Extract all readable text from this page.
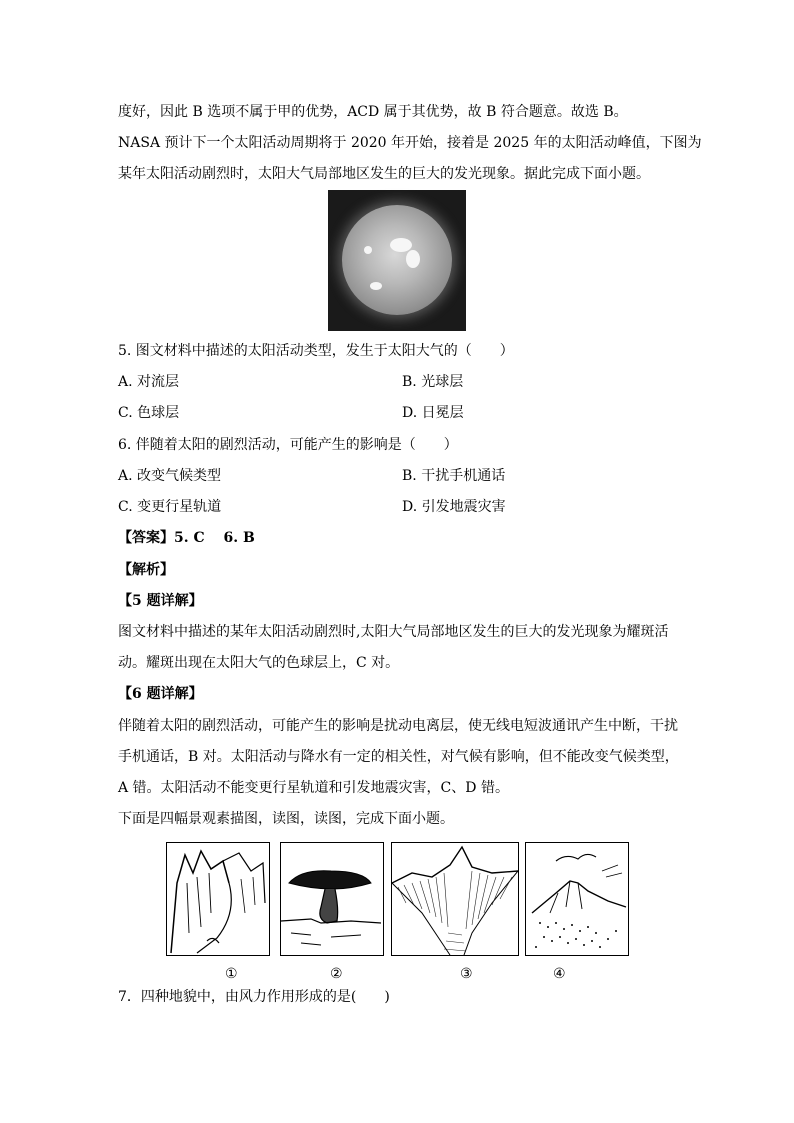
度好，因此 B 选项不属于甲的优势，ACD 属于其优势，故 B 符合题意。故选 B。
NASA 预计下一个太阳活动周期将于 2020 年开始，接着是 2025 年的太阳活动峰值，下图为
某年太阳活动剧烈时，太阳大气局部地区发生的巨大的发光现象。据此完成下面小题。
5. 图文材料中描述的太阳活动类型，发生于太阳大气的（　　）
A. 对流层	B. 光球层
C. 色球层	D. 日冕层
6. 伴随着太阳的剧烈活动，可能产生的影响是（　　）
A. 改变气候类型	B. 干扰手机通话
C. 变更行星轨道	D. 引发地震灾害
【答案】5. C　 6. B
【解析】
【5 题详解】
图文材料中描述的某年太阳活动剧烈时,太阳大气局部地区发生的巨大的发光现象为耀斑活
动。耀斑出现在太阳大气的色球层上，C 对。
【6 题详解】
伴随着太阳的剧烈活动，可能产生的影响是扰动电离层，使无线电短波通讯产生中断，干扰
手机通话，B 对。太阳活动与降水有一定的相关性，对气候有影响，但不能改变气候类型，
A 错。太阳活动不能变更行星轨道和引发地震灾害，C、D 错。
下面是四幅景观素描图，读图，读图，完成下面小题。
①	②	③	④
7．四种地貌中，由风力作用形成的是(　　)
